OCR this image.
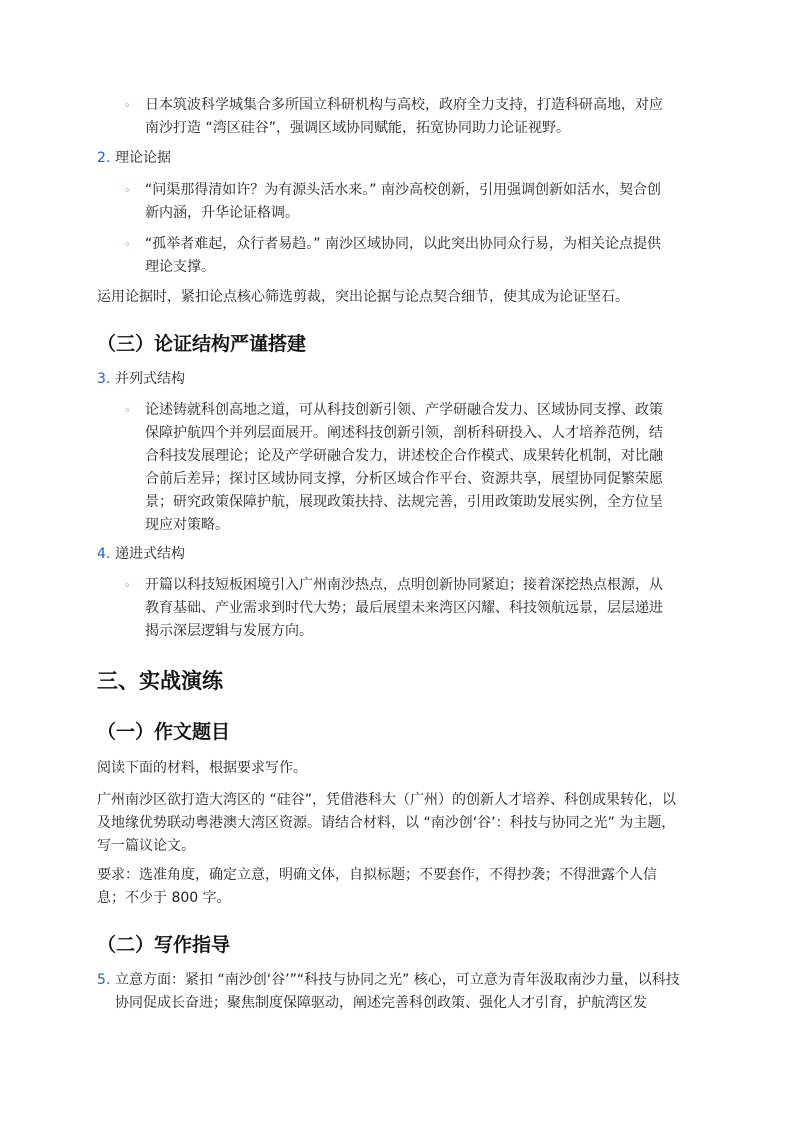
◦ 日本筑波科学城集合多所国立科研机构与高校，政府全力支持，打造科研高地，对应
南沙打造 “湾区硅谷”，强调区域协同赋能，拓宽协同助力论证视野。
2. 理论论据
◦ “问渠那得清如许？为有源头活水来。” 南沙高校创新，引用强调创新如活水，契合创
新内涵，升华论证格调。
◦ “孤举者难起，众行者易趋。” 南沙区域协同，以此突出协同众行易，为相关论点提供
理论支撑。
运用论据时，紧扣论点核心筛选剪裁，突出论据与论点契合细节，使其成为论证坚石。
（三）论证结构严谨搭建
3. 并列式结构
◦ 论述铸就科创高地之道，可从科技创新引领、产学研融合发力、区域协同支撑、政策
保障护航四个并列层面展开。阐述科技创新引领，剖析科研投入、人才培养范例，结
合科技发展理论；论及产学研融合发力，讲述校企合作模式、成果转化机制，对比融
合前后差异；探讨区域协同支撑，分析区域合作平台、资源共享，展望协同促繁荣愿
景；研究政策保障护航，展现政策扶持、法规完善，引用政策助发展实例，全方位呈
现应对策略。
4. 递进式结构
◦ 开篇以科技短板困境引入广州南沙热点，点明创新协同紧迫；接着深挖热点根源，从
教育基础、产业需求到时代大势；最后展望未来湾区闪耀、科技领航远景，层层递进
揭示深层逻辑与发展方向。
三、实战演练
（一）作文题目
阅读下面的材料，根据要求写作。
广州南沙区欲打造大湾区的 “硅谷”，凭借港科大（广州）的创新人才培养、科创成果转化，以
及地缘优势联动粤港澳大湾区资源。请结合材料，以 “南沙创‘谷’：科技与协同之光” 为主题，
写一篇议论文。
要求：选准角度，确定立意，明确文体，自拟标题；不要套作，不得抄袭；不得泄露个人信
息；不少于 800 字。
（二）写作指导
5. 立意方面：紧扣 “南沙创‘谷’”“科技与协同之光” 核心，可立意为青年汲取南沙力量，以科技
协同促成长奋进；聚焦制度保障驱动，阐述完善科创政策、强化人才引育，护航湾区发
